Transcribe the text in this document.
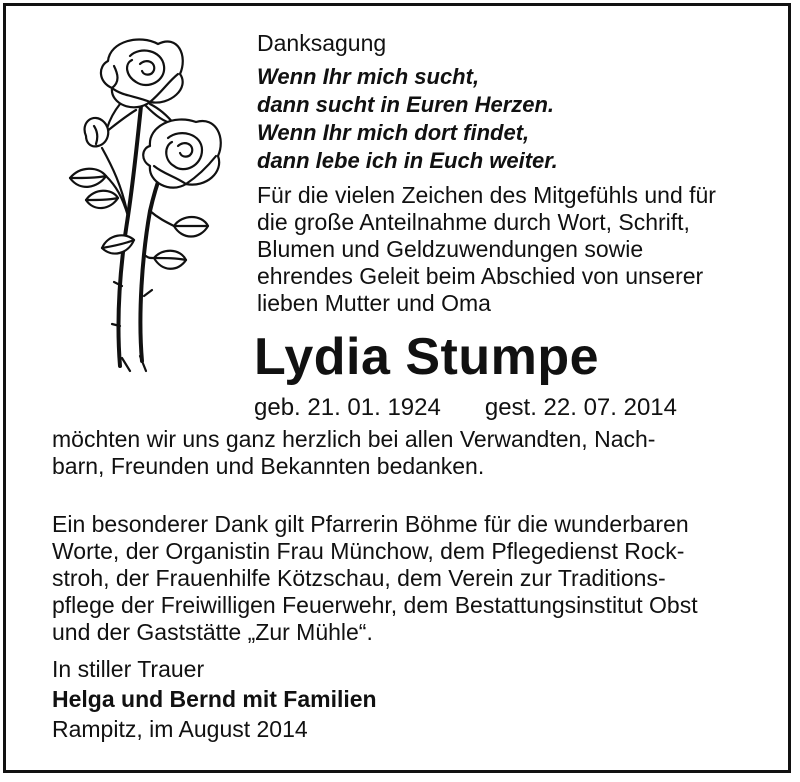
Danksagung
Wenn Ihr mich sucht,
dann sucht in Euren Herzen.
Wenn Ihr mich dort findet,
dann lebe ich in Euch weiter.
Für die vielen Zeichen des Mitgefühls und für
die große Anteilnahme durch Wort, Schrift,
Blumen und Geldzuwendungen sowie
ehrendes Geleit beim Abschied von unserer
lieben Mutter und Oma
Lydia Stumpe
geb. 21. 01. 1924 gest. 22. 07. 2014
möchten wir uns ganz herzlich bei allen Verwandten, Nach-
barn, Freunden und Bekannten bedanken.
Ein besonderer Dank gilt Pfarrerin Böhme für die wunderbaren
Worte, der Organistin Frau Münchow, dem Pflegedienst Rock-
stroh, der Frauenhilfe Kötzschau, dem Verein zur Traditions-
pflege der Freiwilligen Feuerwehr, dem Bestattungsinstitut Obst
und der Gaststätte „Zur Mühle“.
In stiller Trauer
Helga und Bernd mit Familien
Rampitz, im August 2014
